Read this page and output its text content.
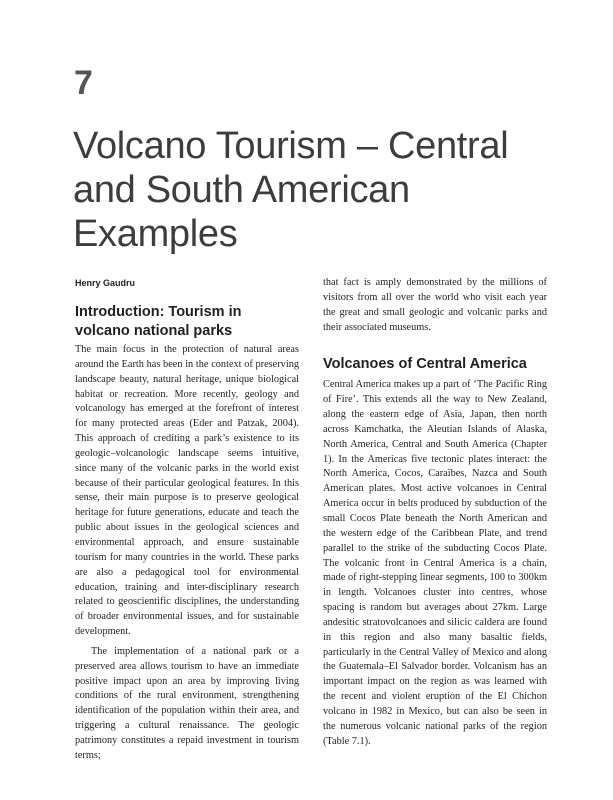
7
Volcano Tourism – Central and South American Examples
Henry Gaudru
Introduction: Tourism in volcano national parks

The main focus in the protection of natural areas around the Earth has been in the context of preserving landscape beauty, natural heritage, unique biological habitat or recreation. More recently, geology and volcanology has emerged at the forefront of interest for many protected areas (Eder and Patzak, 2004). This approach of crediting a park’s existence to its geologic–volcanologic landscape seems intuitive, since many of the volcanic parks in the world exist because of their particular geological features. In this sense, their main purpose is to preserve geological heritage for future generations, educate and teach the public about issues in the geological sciences and environmental approach, and ensure sustainable tourism for many countries in the world. These parks are also a pedagogical tool for environmental education, training and inter-disciplinary research related to geoscientific disciplines, the understanding of broader environmental issues, and for sustainable development.

The implementation of a national park or a preserved area allows tourism to have an immediate positive impact upon an area by improving living conditions of the rural environment, strengthening identification of the population within their area, and triggering a cultural renaissance. The geologic patrimony constitutes a repaid investment in tourism terms;

that fact is amply demonstrated by the millions of visitors from all over the world who visit each year the great and small geologic and volcanic parks and their associated museums.

Volcanoes of Central America

Central America makes up a part of ‘The Pacific Ring of Fire’. This extends all the way to New Zealand, along the eastern edge of Asia, Japan, then north across Kamchatka, the Aleutian Islands of Alaska, North America, Central and South America (Chapter 1). In the Americas five tectonic plates interact: the North America, Cocos, Caraïbes, Nazca and South American plates. Most active volcanoes in Central America occur in belts produced by subduction of the small Cocos Plate beneath the North American and the western edge of the Caribbean Plate, and trend parallel to the strike of the subducting Cocos Plate. The volcanic front in Central America is a chain, made of right-stepping linear segments, 100 to 300km in length. Volcanoes cluster into centres, whose spacing is random but averages about 27km. Large andesitic stratovolcanoes and silicic caldera are found in this region and also many basaltic fields, particularly in the Central Valley of Mexico and along the Guatemala–El Salvador border. Volcanism has an important impact on the region as was learned with the recent and violent eruption of the El Chichon volcano in 1982 in Mexico, but can also be seen in the numerous volcanic national parks of the region (Table 7.1).
